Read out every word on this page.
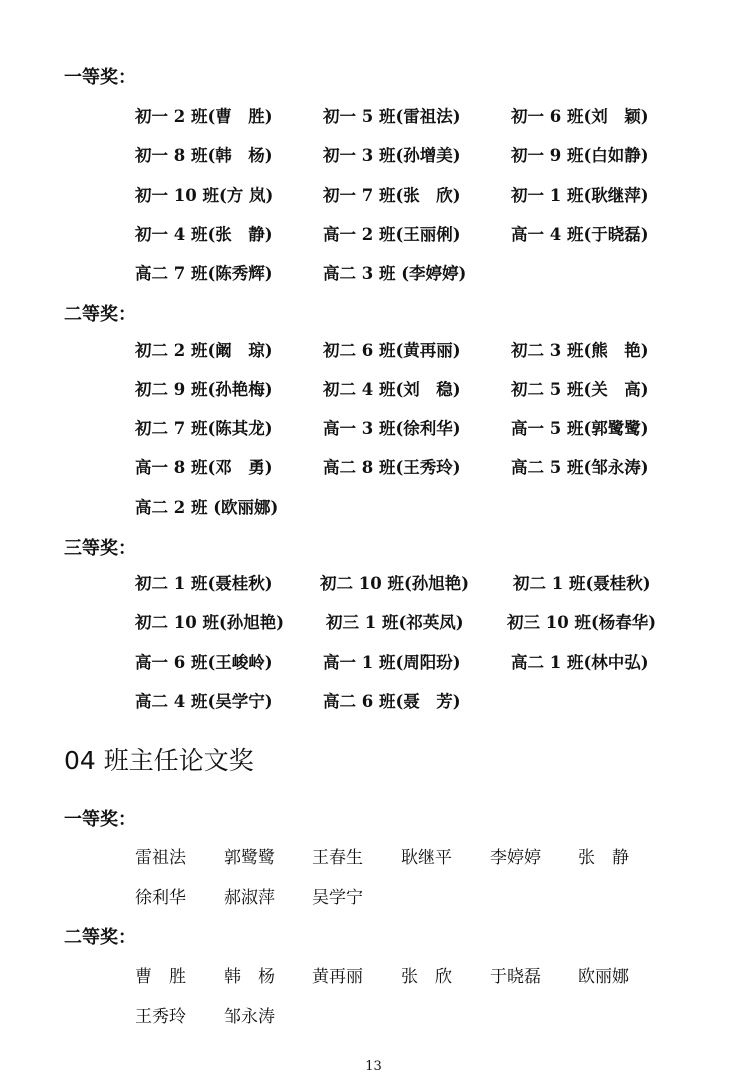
一等奖：
初一 2 班(曹　胜)	初一 5 班(雷祖法)	初一 6 班(刘　颖)
初一 8 班(韩　杨)	初一 3 班(孙增美)	初一 9 班(白如静)
初一 10 班(方 岚)	初一 7 班(张　欣)	初一 1 班(耿继萍)
初一 4 班(张　静)	高一 2 班(王丽俐)	高一 4 班(于晓磊)
高二 7 班(陈秀辉)	高二 3 班 (李婷婷)
二等奖：
初二 2 班(阚　琼)	初二 6 班(黄再丽)	初二 3 班(熊　艳)
初二 9 班(孙艳梅)	初二 4 班(刘　稳)	初二 5 班(关　高)
初二 7 班(陈其龙)	高一 3 班(徐利华)	高一 5 班(郭鹭鹭)
高一 8 班(邓　勇)	高二 8 班(王秀玲)	高二 5 班(邹永涛)
高二 2 班 (欧丽娜)
三等奖：
初二 1 班(聂桂秋)	初二 10 班(孙旭艳)	初二 1 班(聂桂秋)
初二 10 班(孙旭艳)	初三 1 班(祁英凤)	初三 10 班(杨春华)
高一 6 班(王峻岭)	高一 1 班(周阳玢)	高二 1 班(林中弘)
高二 4 班(吴学宁)	高二 6 班(聂　芳)
04 班主任论文奖
一等奖：
雷祖法 郭鹭鹭 王春生 耿继平 李婷婷 张　静
徐利华 郝淑萍 吴学宁
二等奖：
曹　胜 韩　杨 黄再丽 张　欣 于晓磊 欧丽娜
王秀玲 邹永涛
13
